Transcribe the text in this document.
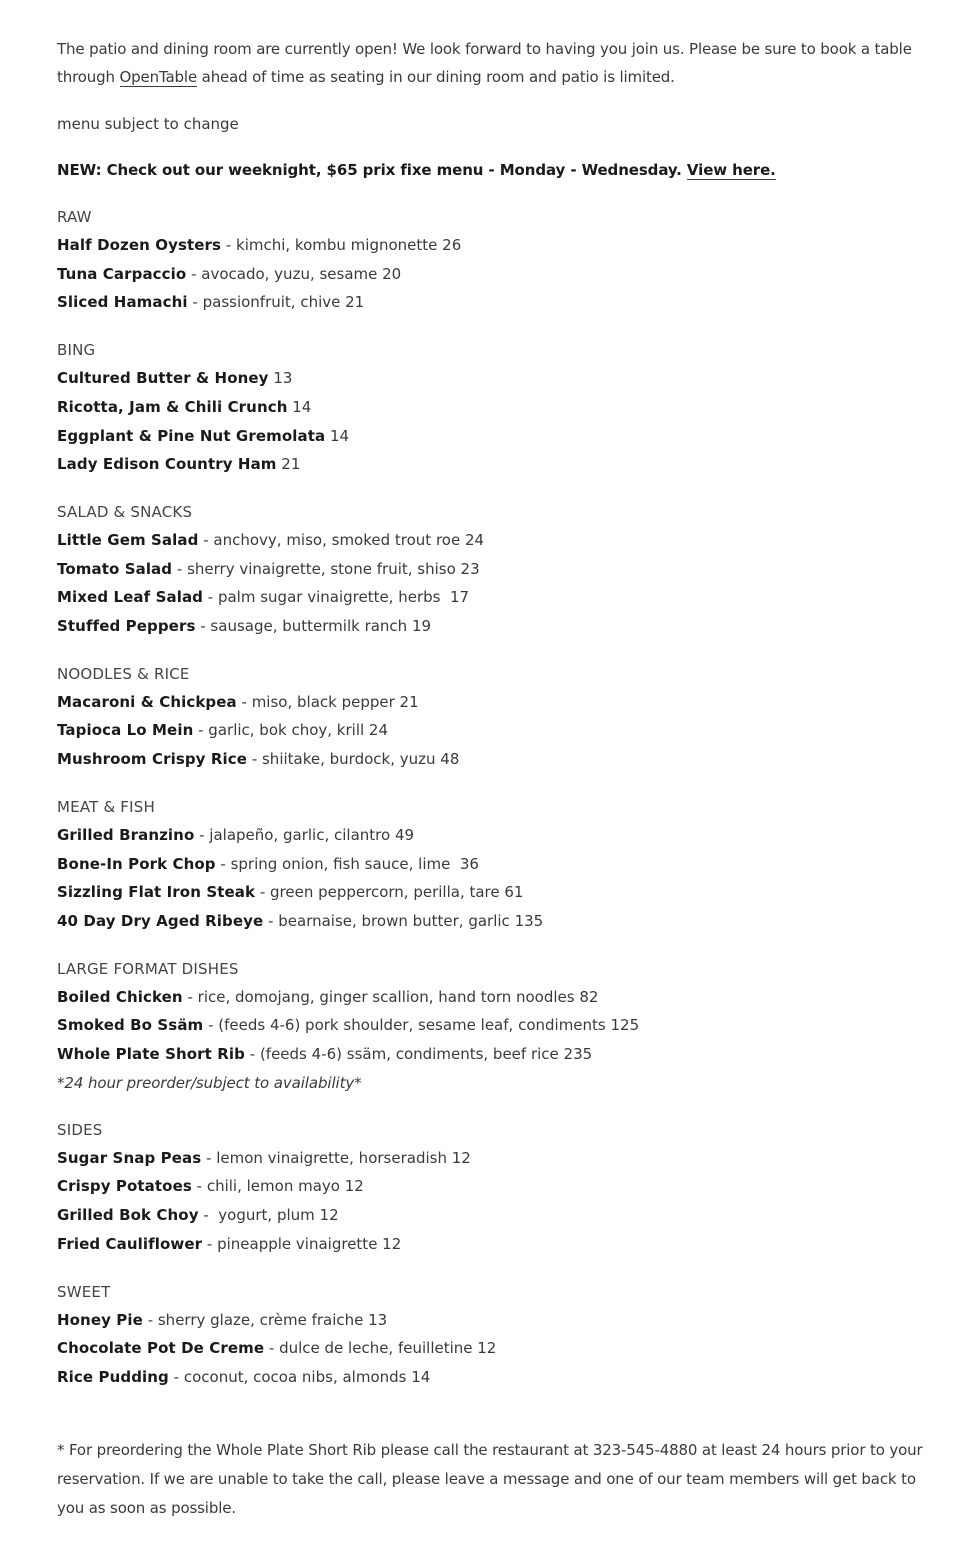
The patio and dining room are currently open! We look forward to having you join us. Please be sure to book a table through OpenTable ahead of time as seating in our dining room and patio is limited.

menu subject to change

NEW: Check out our weeknight, $65 prix fixe menu - Monday - Wednesday. View here.

RAW
Half Dozen Oysters - kimchi, kombu mignonette 26
Tuna Carpaccio - avocado, yuzu, sesame 20
Sliced Hamachi - passionfruit, chive 21
BING
Cultured Butter & Honey 13
Ricotta, Jam & Chili Crunch 14
Eggplant & Pine Nut Gremolata 14
Lady Edison Country Ham 21
SALAD & SNACKS
Little Gem Salad - anchovy, miso, smoked trout roe 24
Tomato Salad - sherry vinaigrette, stone fruit, shiso 23
Mixed Leaf Salad - palm sugar vinaigrette, herbs  17
Stuffed Peppers - sausage, buttermilk ranch 19
NOODLES & RICE
Macaroni & Chickpea - miso, black pepper 21
Tapioca Lo Mein - garlic, bok choy, krill 24
Mushroom Crispy Rice - shiitake, burdock, yuzu 48
MEAT & FISH
Grilled Branzino - jalapeño, garlic, cilantro 49
Bone-In Pork Chop - spring onion, fish sauce, lime  36
Sizzling Flat Iron Steak - green peppercorn, perilla, tare 61
40 Day Dry Aged Ribeye - bearnaise, brown butter, garlic 135
LARGE FORMAT DISHES
Boiled Chicken - rice, domojang, ginger scallion, hand torn noodles 82
Smoked Bo Ssäm - (feeds 4-6) pork shoulder, sesame leaf, condiments 125
Whole Plate Short Rib - (feeds 4-6) ssäm, condiments, beef rice 235
*24 hour preorder/subject to availability*
SIDES
Sugar Snap Peas - lemon vinaigrette, horseradish 12
Crispy Potatoes - chili, lemon mayo 12
Grilled Bok Choy -  yogurt, plum 12
Fried Cauliflower - pineapple vinaigrette 12
SWEET
Honey Pie - sherry glaze, crème fraiche 13
Chocolate Pot De Creme - dulce de leche, feuilletine 12
Rice Pudding - coconut, cocoa nibs, almonds 14

* For preordering the Whole Plate Short Rib please call the restaurant at 323-545-4880 at least 24 hours prior to your reservation. If we are unable to take the call, please leave a message and one of our team members will get back to you as soon as possible.
